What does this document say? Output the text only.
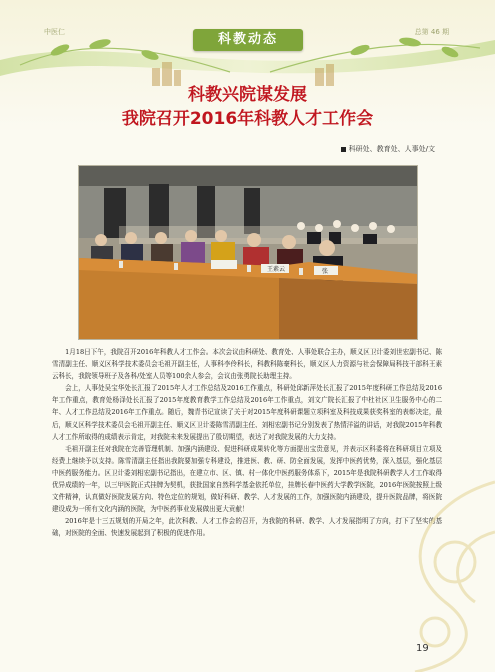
中医仁	总第 46 期
科教动态
科教兴院谋发展
我院召开2016年科教人才工作会
科研处、教育处、人事处/文
王素云	张

1月18日下午，我院召开2016年科教人才工作会。本次会议由科研处、教育处、人事处联合主办，顺义区卫计委刘世宏副书记、陈雪清副主任、顺义区科学技术委员会毛祖开副主任，人事科李伶科长，科教科陈豪科长，顺义区人力资源与社会保障局科技干部科王素云科长，我院领导班子及各科/处室人员等100余人参会，会议由张勇院长助理主持。

会上，人事处吴宝华处长汇报了2015年人才工作总结及2016工作重点，科研处邱新萍处长汇报了2015年度科研工作总结及2016年工作重点，教育处杨泽处长汇报了2015年度教育教学工作总结及2016年工作重点，刘文广院长汇报了中杜社区卫生服务中心的二年、人才工作总结及2016年工作重点。随后，魏青书记宣读了关于对2015年度科研课题立项科室及科技成果获奖科室的表彰决定，最后，顺义区科学技术委员会毛祖开副主任、顺义区卫计委陈雪清副主任、刘相宏副书记分别发表了热情洋溢的讲话，对我院2015年科教人才工作所取得的成绩表示肯定，对我院未来发展提出了殷切期望，表达了对我院发展的大力支持。

毛祖开副主任对我院在完善管理机制、加强内涵建设、促进科研成果转化等方面提出宝贵意见，并表示区科委将在科研项目立项及经费上继续予以支持。陈雪清副主任指出我院要加强专科建设，推进医、教、研、防全面发展，发挥中医药优势，深入基层，强化基层中医药服务能力。区卫计委刘相宏副书记指出，在建立市、区、镇、村一体化中医药服务体系下，2015年是我院科研教学人才工作取得优异成绩的一年，以三甲医院正式挂牌为契机，获批国家自然科学基金依托单位，挂牌长春中医药大学教学医院，2016年医院按照上级文件精神，认真做好医院发展方向、特色定位的规划，做好科研、教学、人才发展的工作，加强医院内涵建设，提升医院品牌，将医院建设成为一所有文化内涵的医院，为中医药事业发展做出更大贡献！

2016年是十三五规划的开局之年，此次科教、人才工作会的召开，为我院的科研、教学、人才发展指明了方向，打下了坚实的基础，对医院的全面、快速发展起到了积极的促进作用。

19
